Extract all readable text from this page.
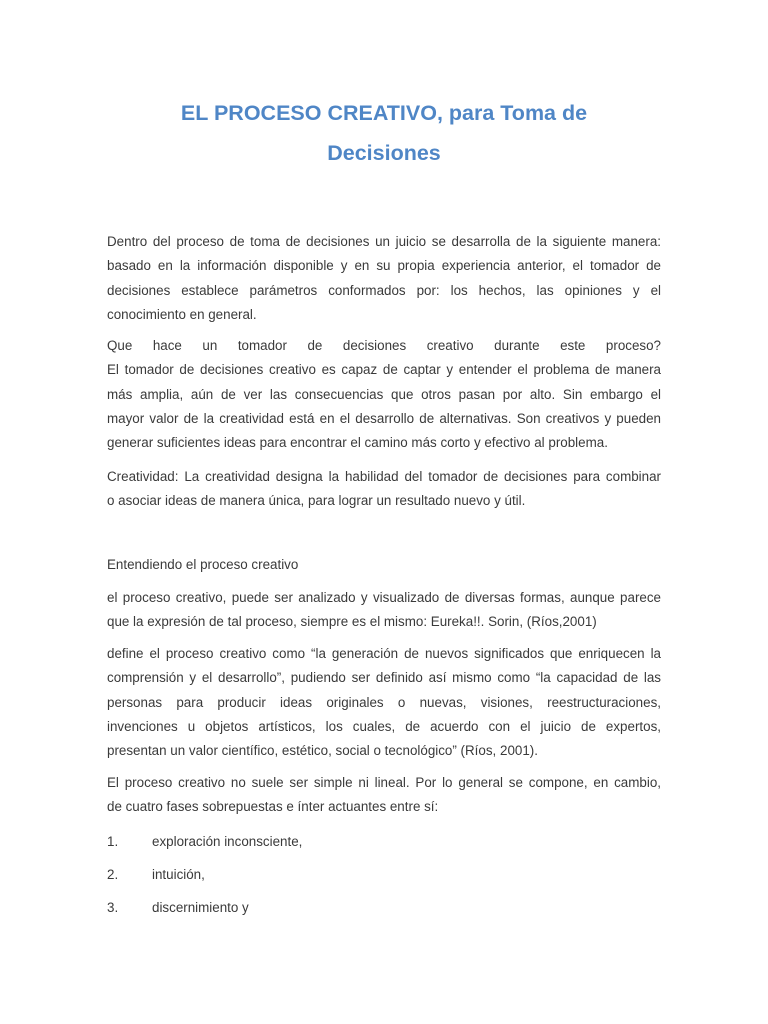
EL PROCESO CREATIVO, para Toma de
Decisiones

Dentro del proceso de toma de decisiones un juicio se desarrolla de la siguiente manera:
basado en la información disponible y en su propia experiencia anterior, el tomador de
decisiones establece parámetros conformados por: los hechos, las opiniones y el
conocimiento en general.

Que hace un tomador de decisiones creativo durante este proceso?
El tomador de decisiones creativo es capaz de captar y entender el problema de manera
más amplia, aún de ver las consecuencias que otros pasan por alto. Sin embargo el
mayor valor de la creatividad está en el desarrollo de alternativas. Son creativos y pueden
generar suficientes ideas para encontrar el camino más corto y efectivo al problema.

Creatividad: La creatividad designa la habilidad del tomador de decisiones para combinar
o asociar ideas de manera única, para lograr un resultado nuevo y útil.

Entendiendo el proceso creativo

el proceso creativo, puede ser analizado y visualizado de diversas formas, aunque parece
que la expresión de tal proceso, siempre es el mismo: Eureka!!. Sorin, (Ríos,2001)

define el proceso creativo como “la generación de nuevos significados que enriquecen la
comprensión y el desarrollo”, pudiendo ser definido así mismo como “la capacidad de las
personas para producir ideas originales o nuevas, visiones, reestructuraciones,
invenciones u objetos artísticos, los cuales, de acuerdo con el juicio de expertos,
presentan un valor científico, estético, social o tecnológico” (Ríos, 2001).

El proceso creativo no suele ser simple ni lineal. Por lo general se compone, en cambio,
de cuatro fases sobrepuestas e ínter actuantes entre sí:

1.	exploración inconsciente,
2.	intuición,
3.	discernimiento y
